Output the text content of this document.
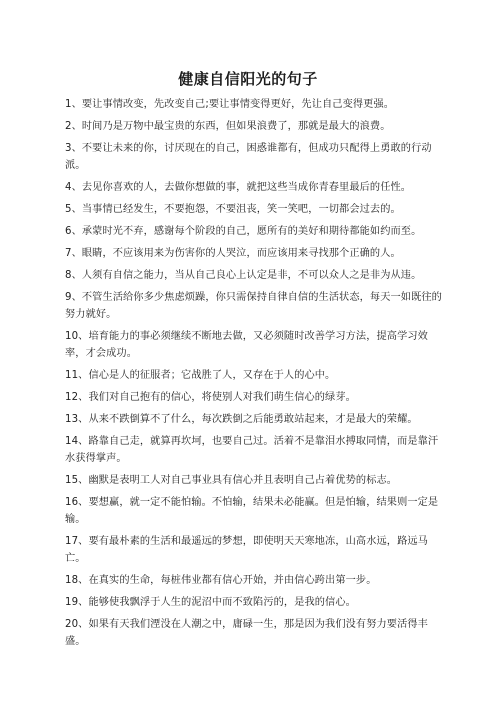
健康自信阳光的句子
1、要让事情改变，先改变自己;要让事情变得更好，先让自己变得更强。
2、时间乃是万物中最宝贵的东西，但如果浪费了，那就是最大的浪费。
3、不要让未来的你，讨厌现在的自己，困惑谁都有，但成功只配得上勇敢的行动派。
4、去见你喜欢的人，去做你想做的事，就把这些当成你青春里最后的任性。
5、当事情已经发生，不要抱怨，不要沮丧，笑一笑吧，一切都会过去的。
6、承蒙时光不弃，感谢每个阶段的自己，愿所有的美好和期待都能如约而至。
7、眼睛，不应该用来为伤害你的人哭泣，而应该用来寻找那个正确的人。
8、人须有自信之能力，当从自己良心上认定是非，不可以众人之是非为从违。
9、不管生活给你多少焦虑烦躁，你只需保持自律自信的生活状态，每天一如既往的努力就好。
10、培育能力的事必须继续不断地去做，又必须随时改善学习方法，提高学习效率，才会成功。
11、信心是人的征服者；它战胜了人，又存在于人的心中。
12、我们对自己抱有的信心，将使别人对我们萌生信心的绿芽。
13、从来不跌倒算不了什么，每次跌倒之后能勇敢站起来，才是最大的荣耀。
14、路靠自己走，就算再坎坷，也要自己过。活着不是靠泪水搏取同情，而是靠汗水获得掌声。
15、幽默是表明工人对自己事业具有信心并且表明自己占着优势的标志。
16、要想赢，就一定不能怕输。不怕输，结果未必能赢。但是怕输，结果则一定是输。
17、要有最朴素的生活和最遥远的梦想，即使明天天寒地冻，山高水远，路远马亡。
18、在真实的生命，每桩伟业都有信心开始，并由信心跨出第一步。
19、能够使我飘浮于人生的泥沼中而不致陷污的，是我的信心。
20、如果有天我们湮没在人潮之中，庸碌一生，那是因为我们没有努力要活得丰盛。
